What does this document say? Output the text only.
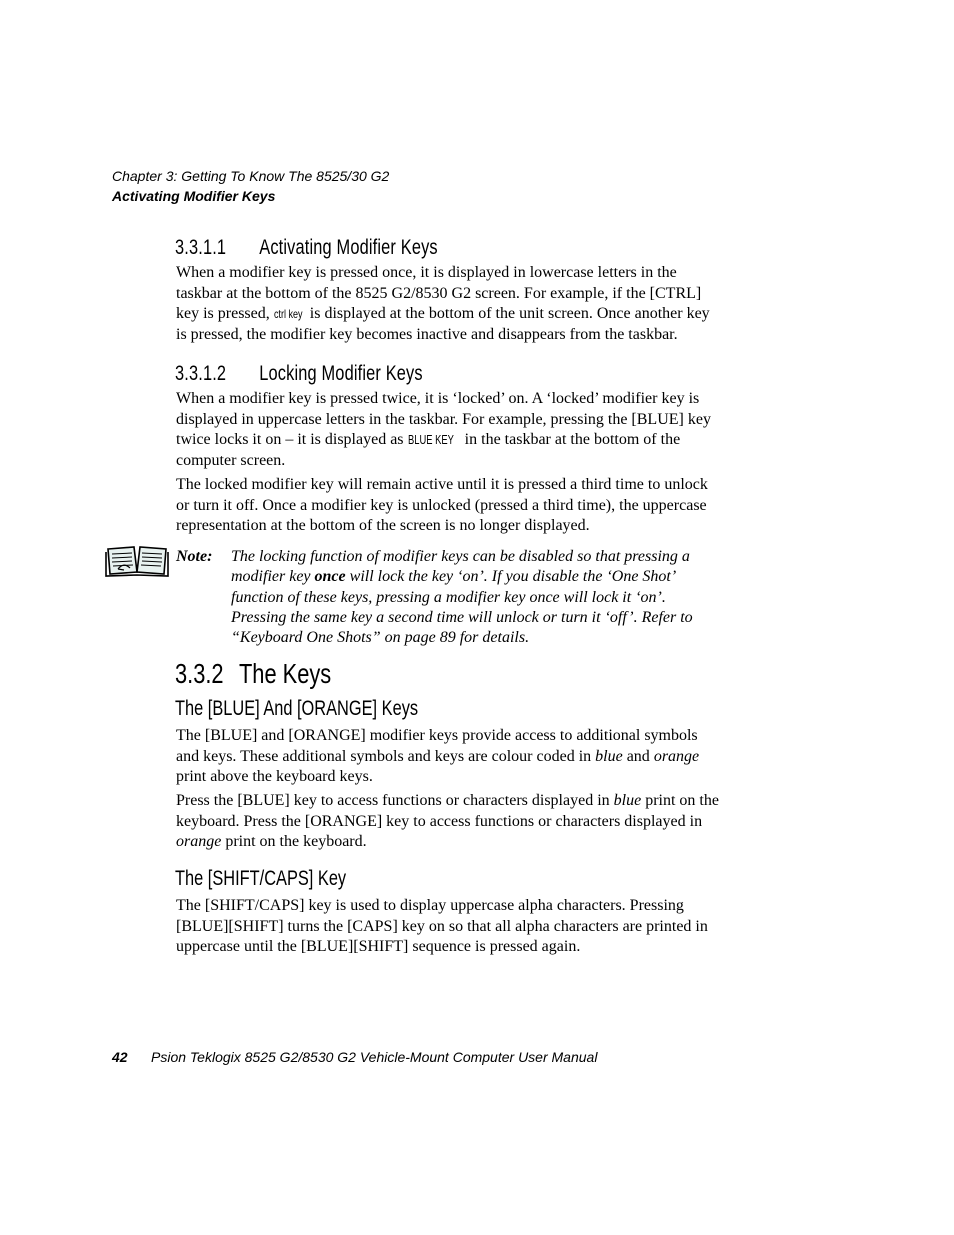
Chapter 3: Getting To Know The 8525/30 G2
Activating Modifier Keys
3.3.1.1 Activating Modifier Keys
When a modifier key is pressed once, it is displayed in lowercase letters in the
taskbar at the bottom of the 8525 G2/8530 G2 screen. For example, if the [CTRL]
key is pressed, ctrl key is displayed at the bottom of the unit screen. Once another key
is pressed, the modifier key becomes inactive and disappears from the taskbar.
3.3.1.2 Locking Modifier Keys
When a modifier key is pressed twice, it is ‘locked’ on. A ‘locked’ modifier key is
displayed in uppercase letters in the taskbar. For example, pressing the [BLUE] key
twice locks it on – it is displayed as BLUE KEY in the taskbar at the bottom of the
computer screen.
The locked modifier key will remain active until it is pressed a third time to unlock
or turn it off. Once a modifier key is unlocked (pressed a third time), the uppercase
representation at the bottom of the screen is no longer displayed.
Note: The locking function of modifier keys can be disabled so that pressing a
modifier key once will lock the key ‘on’. If you disable the ‘One Shot’
function of these keys, pressing a modifier key once will lock it ‘on’.
Pressing the same key a second time will unlock or turn it ‘off’. Refer to
“Keyboard One Shots” on page 89 for details.
3.3.2 The Keys
The [BLUE] And [ORANGE] Keys
The [BLUE] and [ORANGE] modifier keys provide access to additional symbols
and keys. These additional symbols and keys are colour coded in blue and orange
print above the keyboard keys.
Press the [BLUE] key to access functions or characters displayed in blue print on the
keyboard. Press the [ORANGE] key to access functions or characters displayed in
orange print on the keyboard.
The [SHIFT/CAPS] Key
The [SHIFT/CAPS] key is used to display uppercase alpha characters. Pressing
[BLUE][SHIFT] turns the [CAPS] key on so that all alpha characters are printed in
uppercase until the [BLUE][SHIFT] sequence is pressed again.
42 Psion Teklogix 8525 G2/8530 G2 Vehicle-Mount Computer User Manual
